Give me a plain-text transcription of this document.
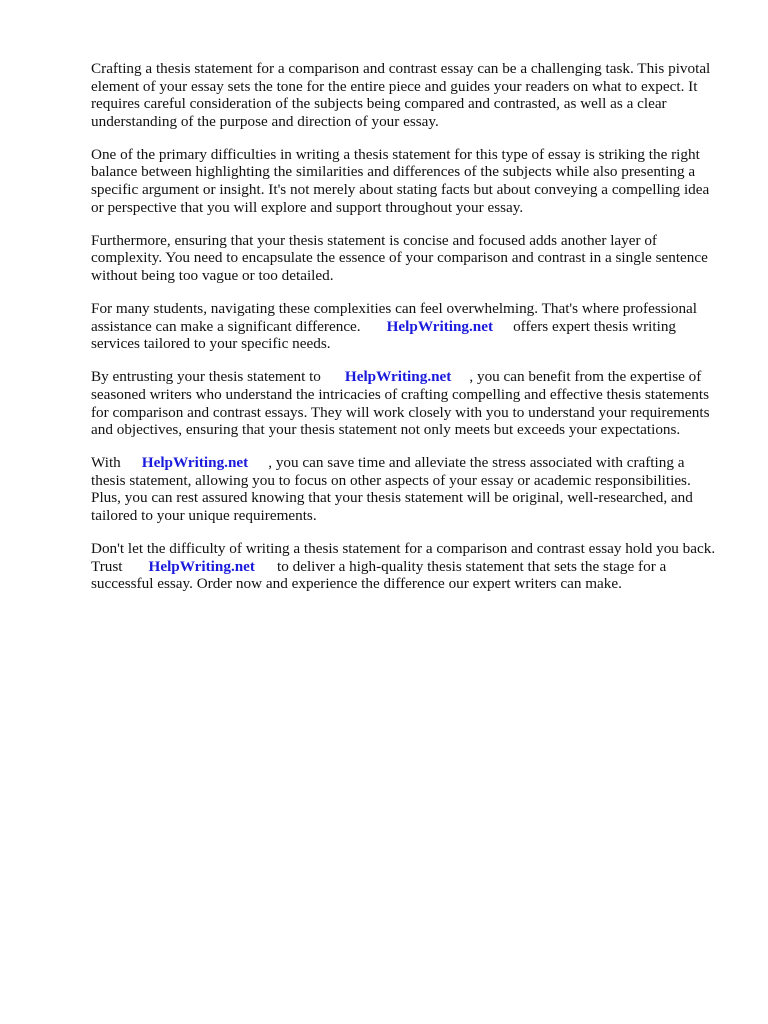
Crafting a thesis statement for a comparison and contrast essay can be a challenging task. This pivotal element of your essay sets the tone for the entire piece and guides your readers on what to expect. It requires careful consideration of the subjects being compared and contrasted, as well as a clear understanding of the purpose and direction of your essay.

One of the primary difficulties in writing a thesis statement for this type of essay is striking the right balance between highlighting the similarities and differences of the subjects while also presenting a specific argument or insight. It's not merely about stating facts but about conveying a compelling idea or perspective that you will explore and support throughout your essay.

Furthermore, ensuring that your thesis statement is concise and focused adds another layer of complexity. You need to encapsulate the essence of your comparison and contrast in a single sentence without being too vague or too detailed.

For many students, navigating these complexities can feel overwhelming. That's where professional assistance can make a significant difference. HelpWriting.net offers expert thesis writing services tailored to your specific needs.

By entrusting your thesis statement to HelpWriting.net , you can benefit from the expertise of seasoned writers who understand the intricacies of crafting compelling and effective thesis statements for comparison and contrast essays. They will work closely with you to understand your requirements and objectives, ensuring that your thesis statement not only meets but exceeds your expectations.

With HelpWriting.net , you can save time and alleviate the stress associated with crafting a thesis statement, allowing you to focus on other aspects of your essay or academic responsibilities. Plus, you can rest assured knowing that your thesis statement will be original, well-researched, and tailored to your unique requirements.

Don't let the difficulty of writing a thesis statement for a comparison and contrast essay hold you back. Trust HelpWriting.net to deliver a high-quality thesis statement that sets the stage for a successful essay. Order now and experience the difference our expert writers can make.
